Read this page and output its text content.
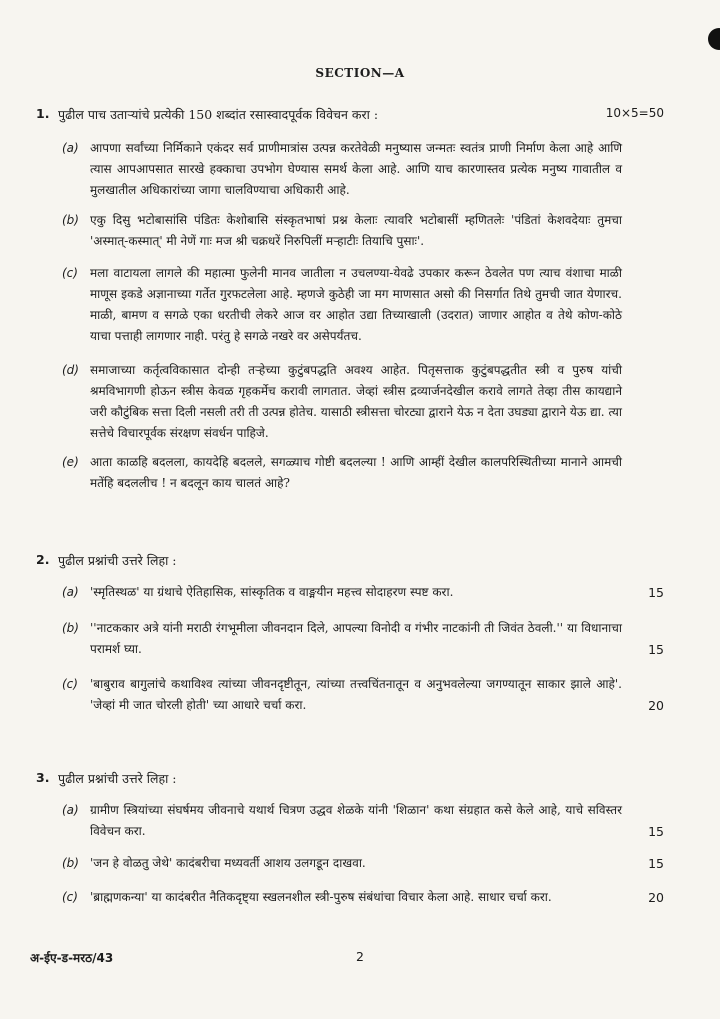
SECTION—A
1. पुढील पाच उताऱ्यांचे प्रत्येकी 150 शब्दांत रसास्वादपूर्वक विवेचन करा :	10×5=50
(a) आपणा सर्वांच्या निर्मिकाने एकंदर सर्व प्राणीमात्रांस उत्पन्न करतेवेळी मनुष्यास जन्मतः स्वतंत्र प्राणी निर्माण केला आहे आणि त्यास आपआपसात सारखे हक्काचा उपभोग घेण्यास समर्थ केला आहे. आणि याच कारणास्तव प्रत्येक मनुष्य गावातील व मुलखातील अधिकारांच्या जागा चालविण्याचा अधिकारी आहे.
(b) एकु दिसु भटोबासांसि पंडितः केशोबासि संस्कृतभाषां प्रश्न केलाः त्यावरि भटोबासीं म्हणितलेः 'पंडितां केशवदेयाः तुमचा 'अस्मात्-कस्मात्' मी नेणें गाः मज श्री चक्रधरें निरुपिलीं मऱ्हाटीः तियाचि पुसाः'.
(c) मला वाटायला लागले की महात्मा फुलेनी मानव जातीला न उचलण्या-येवढे उपकार करून ठेवलेत पण त्याच वंशाचा माळी माणूस इकडे अज्ञानाच्या गर्तेत गुरफटलेला आहे. म्हणजे कुठेही जा मग माणसात असो की निसर्गात तिथे तुमची जात येणारच. माळी, बामण व सगळे एका धरतीची लेकरे आज वर आहोत उद्या तिच्याखाली (उदरात) जाणार आहोत व तेथे कोण-कोठे याचा पत्ताही लागणार नाही. परंतु हे सगळे नखरे वर असेपर्यंतच.
(d) समाजाच्या कर्तृत्वविकासात दोन्ही तऱ्हेच्या कुटुंबपद्धति अवश्य आहेत. पितृसत्ताक कुटुंबपद्धतीत स्त्री व पुरुष यांची श्रमविभागणी होऊन स्त्रीस केवळ गृहकर्मेच करावी लागतात. जेव्हां स्त्रीस द्रव्यार्जनदेखील करावे लागते तेव्हा तीस कायद्याने जरी कौटुंबिक सत्ता दिली नसली तरी ती उत्पन्न होतेच. यासाठी स्त्रीसत्ता चोरट्या द्वाराने येऊ न देता उघड्या द्वाराने येऊ द्या. त्या सत्तेचे विचारपूर्वक संरक्षण संवर्धन पाहिजे.
(e) आता काळहि बदलला, कायदेहि बदलले, सगळ्याच गोष्टी बदलल्या ! आणि आम्हीं देखील कालपरिस्थितीच्या मानाने आमची मतेंहि बदललीच ! न बदलून काय चालतं आहे?
2. पुढील प्रश्नांची उत्तरे लिहा :
(a) 'स्मृतिस्थळ' या ग्रंथाचे ऐतिहासिक, सांस्कृतिक व वाङ्मयीन महत्त्व सोदाहरण स्पष्ट करा.	15
(b) ''नाटककार अत्रे यांनी मराठी रंगभूमीला जीवनदान दिले, आपल्या विनोदी व गंभीर नाटकांनी ती जिवंत ठेवली.'' या विधानाचा परामर्श घ्या.	15
(c) 'बाबुराव बागुलांचे कथाविश्व त्यांच्या जीवनदृष्टीतून, त्यांच्या तत्त्वचिंतनातून व अनुभवलेल्या जगण्यातून साकार झाले आहे'. 'जेव्हां मी जात चोरली होती' च्या आधारे चर्चा करा.	20
3. पुढील प्रश्नांची उत्तरे लिहा :
(a) ग्रामीण स्त्रियांच्या संघर्षमय जीवनाचे यथार्थ चित्रण उद्धव शेळके यांनी 'शिळान' कथा संग्रहात कसे केले आहे, याचे सविस्तर विवेचन करा.	15
(b) 'जन हे वोळतु जेथे' कादंबरीचा मध्यवर्ती आशय उलगडून दाखवा.	15
(c) 'ब्राह्मणकन्या' या कादंबरीत नैतिकदृष्ट्या स्खलनशील स्त्री-पुरुष संबंधांचा विचार केला आहे. साधार चर्चा करा.	20
अ-ईए-ड-मरठ/43	2
